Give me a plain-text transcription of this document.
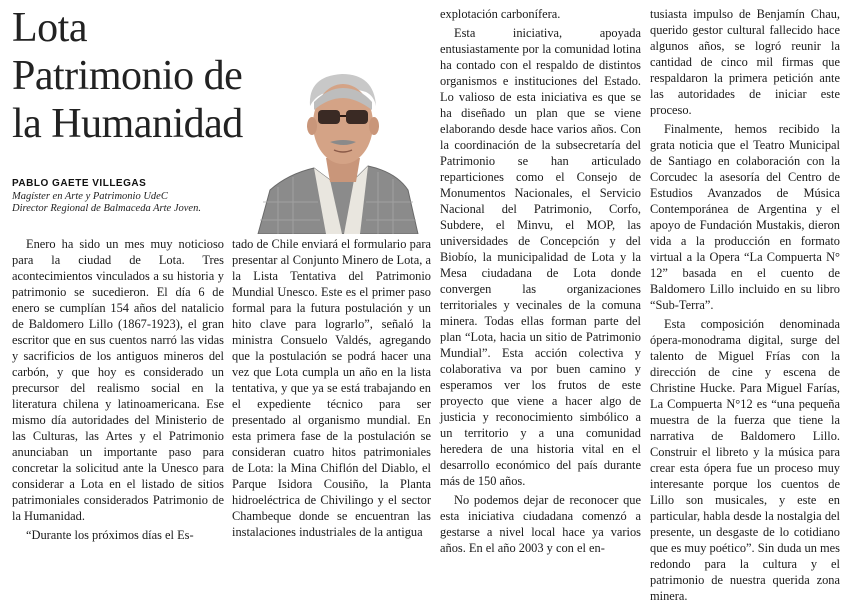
Lota Patrimonio de la Humanidad

PABLO GAETE VILLEGAS

Magíster en Arte y Patrimonio UdeC

Director Regional de Balmaceda Arte Joven.

Enero ha sido un mes muy noticioso para la ciudad de Lota. Tres acontecimientos vinculados a su historia y patrimonio se sucedieron. El día 6 de enero se cumplían 154 años del natalicio de Baldomero Lillo (1867-1923), el gran escritor que en sus cuentos narró las vidas y sacrificios de los antiguos mineros del carbón, y que hoy es considerado un precursor del realismo social en la literatura chilena y latinoamericana. Ese mismo día autoridades del Ministerio de las Culturas, las Artes y el Patrimonio anunciaban un importante paso para concretar la solicitud ante la Unesco para considerar a Lota en el listado de sitios patrimoniales considerados Patrimonio de la Humanidad.

“Durante los próximos días el Es-

tado de Chile enviará el formulario para presentar al Conjunto Minero de Lota, a la Lista Tentativa del Patrimonio Mundial Unesco. Este es el primer paso formal para la futura postulación y un hito clave para lograrlo”, señaló la ministra Consuelo Valdés, agregando que la postulación se podrá hacer una vez que Lota cumpla un año en la lista tentativa, y que ya se está trabajando en el expediente técnico para ser presentado al organismo mundial. En esta primera fase de la postulación se consideran cuatro hitos patrimoniales de Lota: la Mina Chiflón del Diablo, el Parque Isidora Cousiño, la Planta hidroeléctrica de Chivilingo y el sector Chambeque donde se encuentran las instalaciones industriales de la antigua

explotación carbonífera.

Esta iniciativa, apoyada entusiastamente por la comunidad lotina ha contado con el respaldo de distintos organismos e instituciones del Estado. Lo valioso de esta iniciativa es que se ha diseñado un plan que se viene elaborando desde hace varios años. Con la coordinación de la subsecretaría del Patrimonio se han articulado reparticiones como el Consejo de Monumentos Nacionales, el Servicio Nacional del Patrimonio, Corfo, Subdere, el Minvu, el MOP, las universidades de Concepción y del Biobío, la municipalidad de Lota y la Mesa ciudadana de Lota donde convergen las organizaciones territoriales y vecinales de la comuna minera. Todas ellas forman parte del plan “Lota, hacia un sitio de Patrimonio Mundial”. Esta acción colectiva y colaborativa va por buen camino y esperamos ver los frutos de este proyecto que viene a hacer algo de justicia y reconocimiento simbólico a un territorio y a una comunidad heredera de una historia vital en el desarrollo económico del país durante más de 150 años.

No podemos dejar de reconocer que esta iniciativa ciudadana comenzó a gestarse a nivel local hace ya varios años. En el año 2003 y con el en-

tusiasta impulso de Benjamín Chau, querido gestor cultural fallecido hace algunos años, se logró reunir la cantidad de cinco mil firmas que respaldaron la primera petición ante las autoridades de iniciar este proceso.

Finalmente, hemos recibido la grata noticia que el Teatro Municipal de Santiago en colaboración con la Corcudec la asesoría del Centro de Estudios Avanzados de Música Contemporánea de Argentina y el apoyo de Fundación Mustakis, dieron vida a la producción en formato virtual a la Opera “La Compuerta N° 12” basada en el cuento de Baldomero Lillo incluido en su libro “Sub-Terra”.

Esta composición denominada ópera-monodrama digital, surge del talento de Miguel Frías con la dirección de cine y escena de Christine Hucke. Para Miguel Farías, La Compuerta N°12 es “una pequeña muestra de la fuerza que tiene la narrativa de Baldomero Lillo. Construir el libreto y la música para crear esta ópera fue un proceso muy interesante porque los cuentos de Lillo son musicales, y este en particular, habla desde la nostalgia del presente, un desgaste de lo cotidiano que es muy poético”. Sin duda un mes redondo para la cultura y el patrimonio de nuestra querida zona minera.
